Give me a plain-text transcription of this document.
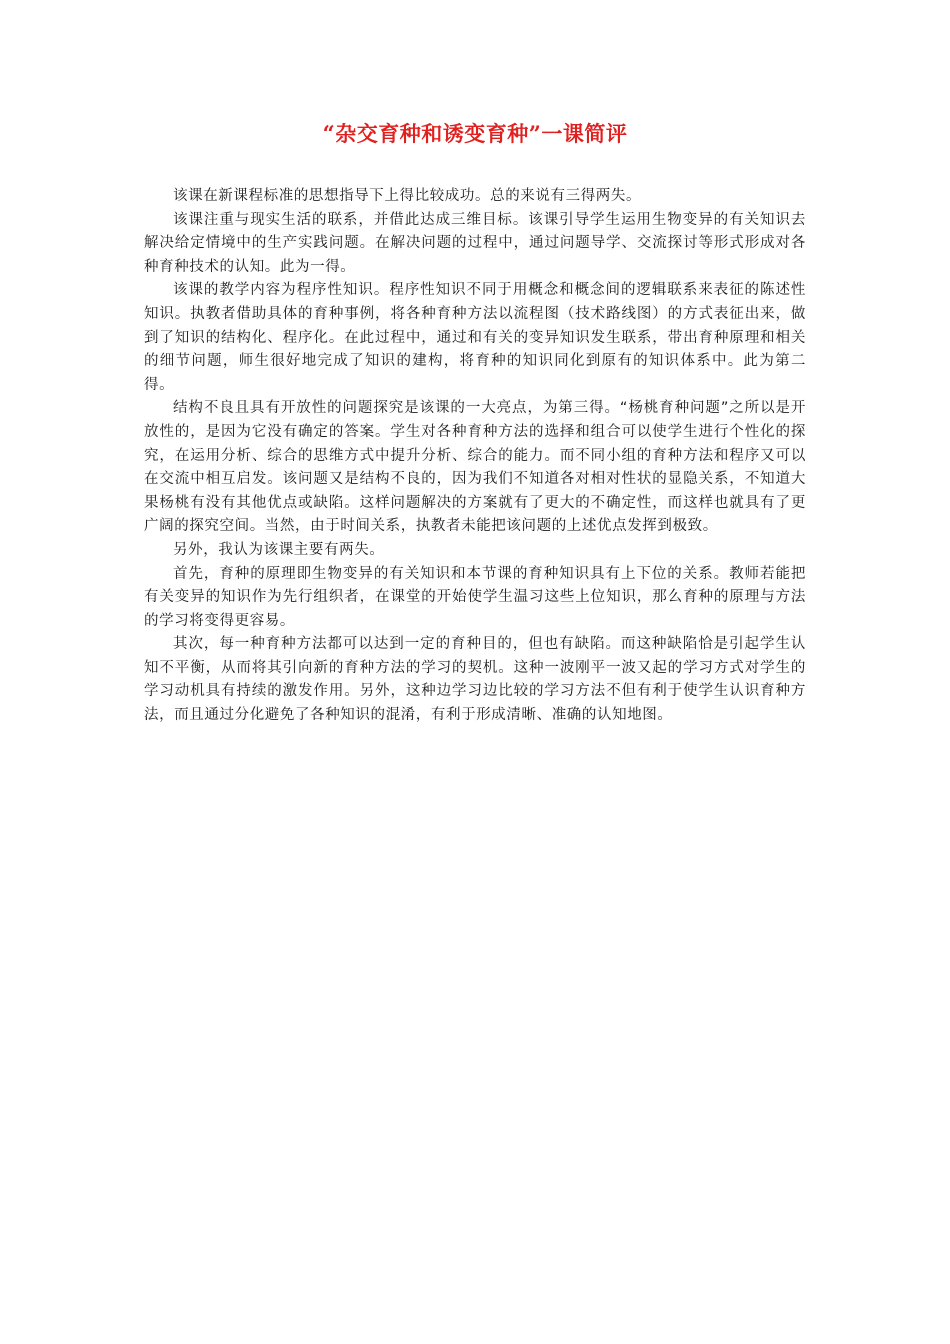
“杂交育种和诱变育种”一课简评

该课在新课程标准的思想指导下上得比较成功。总的来说有三得两失。

该课注重与现实生活的联系，并借此达成三维目标。该课引导学生运用生物变异的有关知识去解决给定情境中的生产实践问题。在解决问题的过程中，通过问题导学、交流探讨等形式形成对各种育种技术的认知。此为一得。

该课的教学内容为程序性知识。程序性知识不同于用概念和概念间的逻辑联系来表征的陈述性知识。执教者借助具体的育种事例，将各种育种方法以流程图（技术路线图）的方式表征出来，做到了知识的结构化、程序化。在此过程中，通过和有关的变异知识发生联系，带出育种原理和相关的细节问题，师生很好地完成了知识的建构，将育种的知识同化到原有的知识体系中。此为第二得。

结构不良且具有开放性的问题探究是该课的一大亮点，为第三得。“杨桃育种问题”之所以是开放性的，是因为它没有确定的答案。学生对各种育种方法的选择和组合可以使学生进行个性化的探究，在运用分析、综合的思维方式中提升分析、综合的能力。而不同小组的育种方法和程序又可以在交流中相互启发。该问题又是结构不良的，因为我们不知道各对相对性状的显隐关系，不知道大果杨桃有没有其他优点或缺陷。这样问题解决的方案就有了更大的不确定性，而这样也就具有了更广阔的探究空间。当然，由于时间关系，执教者未能把该问题的上述优点发挥到极致。

另外，我认为该课主要有两失。

首先，育种的原理即生物变异的有关知识和本节课的育种知识具有上下位的关系。教师若能把有关变异的知识作为先行组织者，在课堂的开始使学生温习这些上位知识，那么育种的原理与方法的学习将变得更容易。

其次，每一种育种方法都可以达到一定的育种目的，但也有缺陷。而这种缺陷恰是引起学生认知不平衡，从而将其引向新的育种方法的学习的契机。这种一波刚平一波又起的学习方式对学生的学习动机具有持续的激发作用。另外，这种边学习边比较的学习方法不但有利于使学生认识育种方法，而且通过分化避免了各种知识的混淆，有利于形成清晰、准确的认知地图。
